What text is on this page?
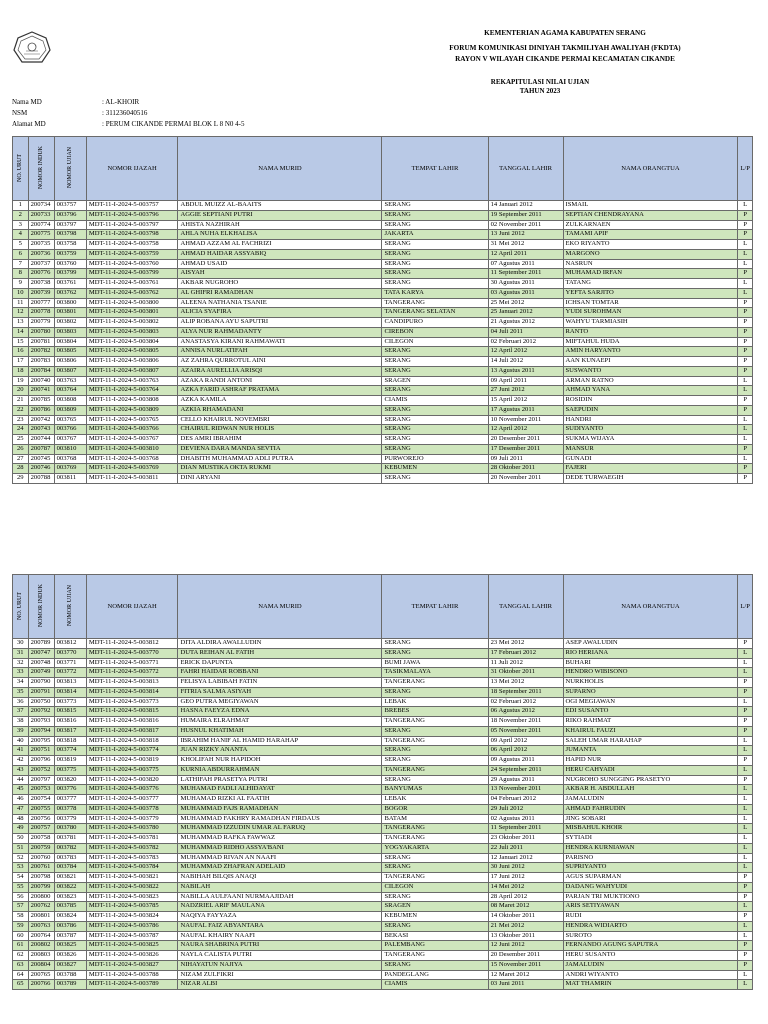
KEMENTERIAN AGAMA KABUPATEN SERANG
FORUM KOMUNIKASI DINIYAH TAKMILIYAH AWALIYAH (FKDTA)
RAYON V WILAYAH CIKANDE PERMAI KECAMATAN CIKANDE
REKAPITULASI NILAI UJIAN
TAHUN 2023
Nama MD	: AL-KHOIR
NSM	: 311236040516
Alamat MD	: PERUM CIKANDE PERMAI BLOK L 8 N0 4-5
NO. URUT	NOMOR INDUK	NOMOR UJIAN	NOMOR IJAZAH	NAMA MURID	TEMPAT LAHIR	TANGGAL LAHIR	NAMA ORANGTUA	L/P
1	200734	003757	MDT-11-I-2024-5-003757	ABDUL MUIZZ AL-BAAITS	SERANG	14 Januari 2012	ISMAIL	L
2	200733	003796	MDT-11-I-2024-5-003796	AGGIE SEPTIANI PUTRI	SERANG	19 September 2011	SEPTIAN CHENDRAYANA	P
3	200774	003797	MDT-11-I-2024-5-003797	AHISTA NAZHIRAH	SERANG	02 November 2011	ZULKARNAEN	P
4	200775	003798	MDT-11-I-2024-5-003798	AHLA NUHA ELKHALISA	JAKARTA	13 Juni 2012	TAMAMI APIF	P
5	200735	003758	MDT-11-I-2024-5-003758	AHMAD AZZAM AL FACHRIZI	SERANG	31 Mei 2012	EKO RIYANTO	L
6	200736	003759	MDT-11-I-2024-5-003759	AHMAD HAIDAR ASSYABIQ	SERANG	12 April 2011	MARGONO	L
7	200737	003760	MDT-11-I-2024-5-003760	AHMAD USAID	SERANG	07 Agustus 2011	NASRUN	L
8	200776	003799	MDT-11-I-2024-5-003799	AISYAH	SERANG	11 September 2011	MUHAMAD IRFAN	P
9	200738	003761	MDT-11-I-2024-5-003761	AKBAR NUGROHO	SERANG	30 Agustus 2011	TATANG	L
10	200739	003762	MDT-11-I-2024-5-003762	AL GHIFRI RAMADHAN	TATA KARYA	03 Agustus 2011	YEFTA SARJITO	L
11	200777	003800	MDT-11-I-2024-5-003800	ALEENA NATHANIA TSANIE	TANGERANG	25 Mei 2012	ICHSAN TOMTAR	P
12	200778	003801	MDT-11-I-2024-5-003801	ALICIA SYAFIRA	TANGERANG SELATAN	25 Januari 2012	YUDI SUROHMAN	P
13	200779	003802	MDT-11-I-2024-5-003802	ALIP ROBANA AYU SAPUTRI	CANDIPURO	21 Agustus 2012	WAHYU TARMIASIH	P
14	200780	003803	MDT-11-I-2024-5-003803	ALYA NUR RAHMADANTY	CIREBON	04 Juli 2011	RANTO	P
15	200781	003804	MDT-11-I-2024-5-003804	ANASTASYA KIRANI RAHMAWATI	CILEGON	02 Februari 2012	MIFTAHUL HUDA	P
16	200782	003805	MDT-11-I-2024-5-003805	ANNISA NURLATIFAH	SERANG	12 April 2012	AMIN HARYANTO	P
17	200783	003806	MDT-11-I-2024-5-003806	AZ ZAHRA QURROTUL AINI	SERANG	14 Juli 2012	AAN KUNAEPI	P
18	200784	003807	MDT-11-I-2024-5-003807	AZAIRA AURELLIA ARISQI	SERANG	13 Agustus 2011	SUSWANTO	P
19	200740	003763	MDT-11-I-2024-5-003763	AZAKA RANDI ANTONI	SRAGEN	09 April 2011	ARMAN RATNO	L
20	200741	003764	MDT-11-I-2024-5-003764	AZKA FARID ASHRAF PRATAMA	SERANG	27 Juni 2012	AHMAD YANA	L
21	200785	003808	MDT-11-I-2024-5-003808	AZKA KAMILA	CIAMIS	15 April 2012	ROSIDIN	P
22	200786	003809	MDT-11-I-2024-5-003809	AZKIA RHAMADANI	SERANG	17 Agustus 2011	SAEPUDIN	P
23	200742	003765	MDT-11-I-2024-5-003765	CELLO KHAIRUL NOVEMBRI	SERANG	10 November 2011	HANDRI	L
24	200743	003766	MDT-11-I-2024-5-003766	CHAIRUL RIDWAN NUR HOLIS	SERANG	12 April 2012	SUDIYANTO	L
25	200744	003767	MDT-11-I-2024-5-003767	DES AMRI IBRAHIM	SERANG	20 Desember 2011	SUKMA WIJAYA	L
26	200787	003810	MDT-11-I-2024-5-003810	DEVIENA DARA MANDA SEVTIA	SERANG	17 Desember 2011	MANSUR	P
27	200745	003768	MDT-11-I-2024-5-003768	DHABITH MUHAMMAD ADLI PUTRA	PURWOREJO	09 Juli 2011	GUNADI	L
28	200746	003769	MDT-11-I-2024-5-003769	DIAN MUSTIKA OKTA RUKMI	KEBUMEN	28 Oktober 2011	FAJERI	P
29	200788	003811	MDT-11-I-2024-5-003811	DINI ARYANI	SERANG	20 November 2011	DEDE TURWAEGIH	P
NO. URUT	NOMOR INDUK	NOMOR UJIAN	NOMOR IJAZAH	NAMA MURID	TEMPAT LAHIR	TANGGAL LAHIR	NAMA ORANGTUA	L/P
30	200789	003812	MDT-11-I-2024-5-003812	DITA ALDIRA AWALLUDIN	SERANG	23 Mei 2012	ASEP AWALUDIN	P
31	200747	003770	MDT-11-I-2024-5-003770	DUTA REIHAN AL FATIH	SERANG	17 Februari 2012	RIO HERIANA	L
32	200748	003771	MDT-11-I-2024-5-003771	ERICK DAPUNTA	BUMI JAWA	11 Juli 2012	BUHARI	L
33	200749	003772	MDT-11-I-2024-5-003772	FAHRI HAIDAR ROBBANI	TASIKMALAYA	31 Oktober 2011	HENDRO WIBISONO	L
34	200790	003813	MDT-11-I-2024-5-003813	FELISYA LABIBAH FATIN	TANGERANG	13 Mei 2012	NURKHOLIS	P
35	200791	003814	MDT-11-I-2024-5-003814	FITRIA SALMA ASIYAH	SERANG	18 September 2011	SUPARNO	P
36	200750	003773	MDT-11-I-2024-5-003773	GEO PUTRA MEGIYAWAN	LEBAK	02 Februari 2012	OGI MEGIAWAN	L
37	200792	003815	MDT-11-I-2024-5-003815	HASNA FAEYZA EDNA	BREBES	06 Agustus 2012	EDI SUSANTO	P
38	200793	003816	MDT-11-I-2024-5-003816	HUMAIRA ELRAHMAT	TANGERANG	18 November 2011	RIKO RAHMAT	P
39	200794	003817	MDT-11-I-2024-5-003817	HUSNUL KHATIMAH	SERANG	05 November 2011	KHAIRUL FAUZI	P
40	200795	003818	MDT-11-I-2024-5-003818	IBRAHIM HANIF AL HAMID HARAHAP	TANGERANG	09 April 2012	SALEH UMAR HARAHAP	L
41	200751	003774	MDT-11-I-2024-5-003774	JUAN RIZKY ANANTA	SERANG	06 April 2012	JUMANTA	L
42	200796	003819	MDT-11-I-2024-5-003819	KHOLIFAH NUR HAPIDOH	SERANG	09 Agustus 2011	HAPID NUR	P
43	200752	003775	MDT-11-I-2024-5-003775	KURNIA ABDURRAHMAN	TANGERANG	24 September 2011	HERU CAHYADI	L
44	200797	003820	MDT-11-I-2024-5-003820	LATHIFAH PRASETYA PUTRI	SERANG	29 Agustus 2011	NUGROHO SUNGGING PRASETYO	P
45	200753	003776	MDT-11-I-2024-5-003776	MUHAMAD FADLI ALHIDAYAT	BANYUMAS	13 November 2011	AKBAR H. ABDULLAH	L
46	200754	003777	MDT-11-I-2024-5-003777	MUHAMAD RIZKI AL FAATIH	LEBAK	04 Februari 2012	JAMALUDIN	L
47	200755	003778	MDT-11-I-2024-5-003778	MUHAMMAD FAJS RAMADHAN	BOGOR	29 Juli 2012	AHMAD FAHRUDIN	L
48	200756	003779	MDT-11-I-2024-5-003779	MUHAMMAD FAKHRY RAMADHAN FIRDAUS	BATAM	02 Agustus 2011	JING SOBARI	L
49	200757	003780	MDT-11-I-2024-5-003780	MUHAMMAD IZZUDIN UMAR AL FARUQ	TANGERANG	11 September 2011	MISBAHUL KHOIR	L
50	200758	003781	MDT-11-I-2024-5-003781	MUHAMMAD RAFKA FAWWAZ	TANGERANG	23 Oktober 2011	SYTIADI	L
51	200759	003782	MDT-11-I-2024-5-003782	MUHAMMAD RIDHO ASSYA'BANI	YOGYAKARTA	22 Juli 2011	HENDRA KURNIAWAN	L
52	200760	003783	MDT-11-I-2024-5-003783	MUHAMMAD RIVAN AN NAAFI	SERANG	12 Januari 2012	PARISNO	L
53	200761	003784	MDT-11-I-2024-5-003784	MUHAMMAD ZHAFRAN ADELAID	SERANG	30 Juni 2012	SUPRIYANTO	L
54	200798	003821	MDT-11-I-2024-5-003821	NABIHAH BILQIS ANAQI	TANGERANG	17 Juni 2012	AGUS SUPARMAN	P
55	200799	003822	MDT-11-I-2024-5-003822	NABILAH	CILEGON	14 Mei 2012	DADANG WAHYUDI	P
56	200800	003823	MDT-11-I-2024-5-003823	NABILLA AULFAANI NURMAAJIDAH	SERANG	28 April 2012	PARJAN TRI MUKTIONO	P
57	200762	003785	MDT-11-I-2024-5-003785	NADZRIEL ARIF MAULANA	SRAGEN	08 Maret 2012	ARIS SETIYAWAN	L
58	200801	003824	MDT-11-I-2024-5-003824	NAQIYA FAYYAZA	KEBUMEN	14 Oktober 2011	RUDI	P
59	200763	003786	MDT-11-I-2024-5-003786	NAUFAL FAIZ ABYANTARA	SERANG	21 Mei 2012	HENDRA WIDIARTO	L
60	200764	003787	MDT-11-I-2024-5-003787	NAUFAL KHAIRY NAAFI	BEKASI	13 Oktober 2011	SUROTO	L
61	200802	003825	MDT-11-I-2024-5-003825	NAURA SHABRINA PUTRI	PALEMBANG	12 Juni 2012	FERNANDO AGUNG SAPUTRA	P
62	200803	003826	MDT-11-I-2024-5-003826	NAYLA CALISTA PUTRI	TANGERANG	20 Desember 2011	HERU SUSANTO	P
63	200804	003827	MDT-11-I-2024-5-003827	NIHAYATUN NAJIYA	SERANG	15 November 2011	JAMALUDIN	P
64	200765	003788	MDT-11-I-2024-5-003788	NIZAM ZULFIKRI	PANDEGLANG	12 Maret 2012	ANDRI WIYANTO	L
65	200766	003789	MDT-11-I-2024-5-003789	NIZAR ALBI	CIAMIS	03 Juni 2011	MAT THAMRIN	L
